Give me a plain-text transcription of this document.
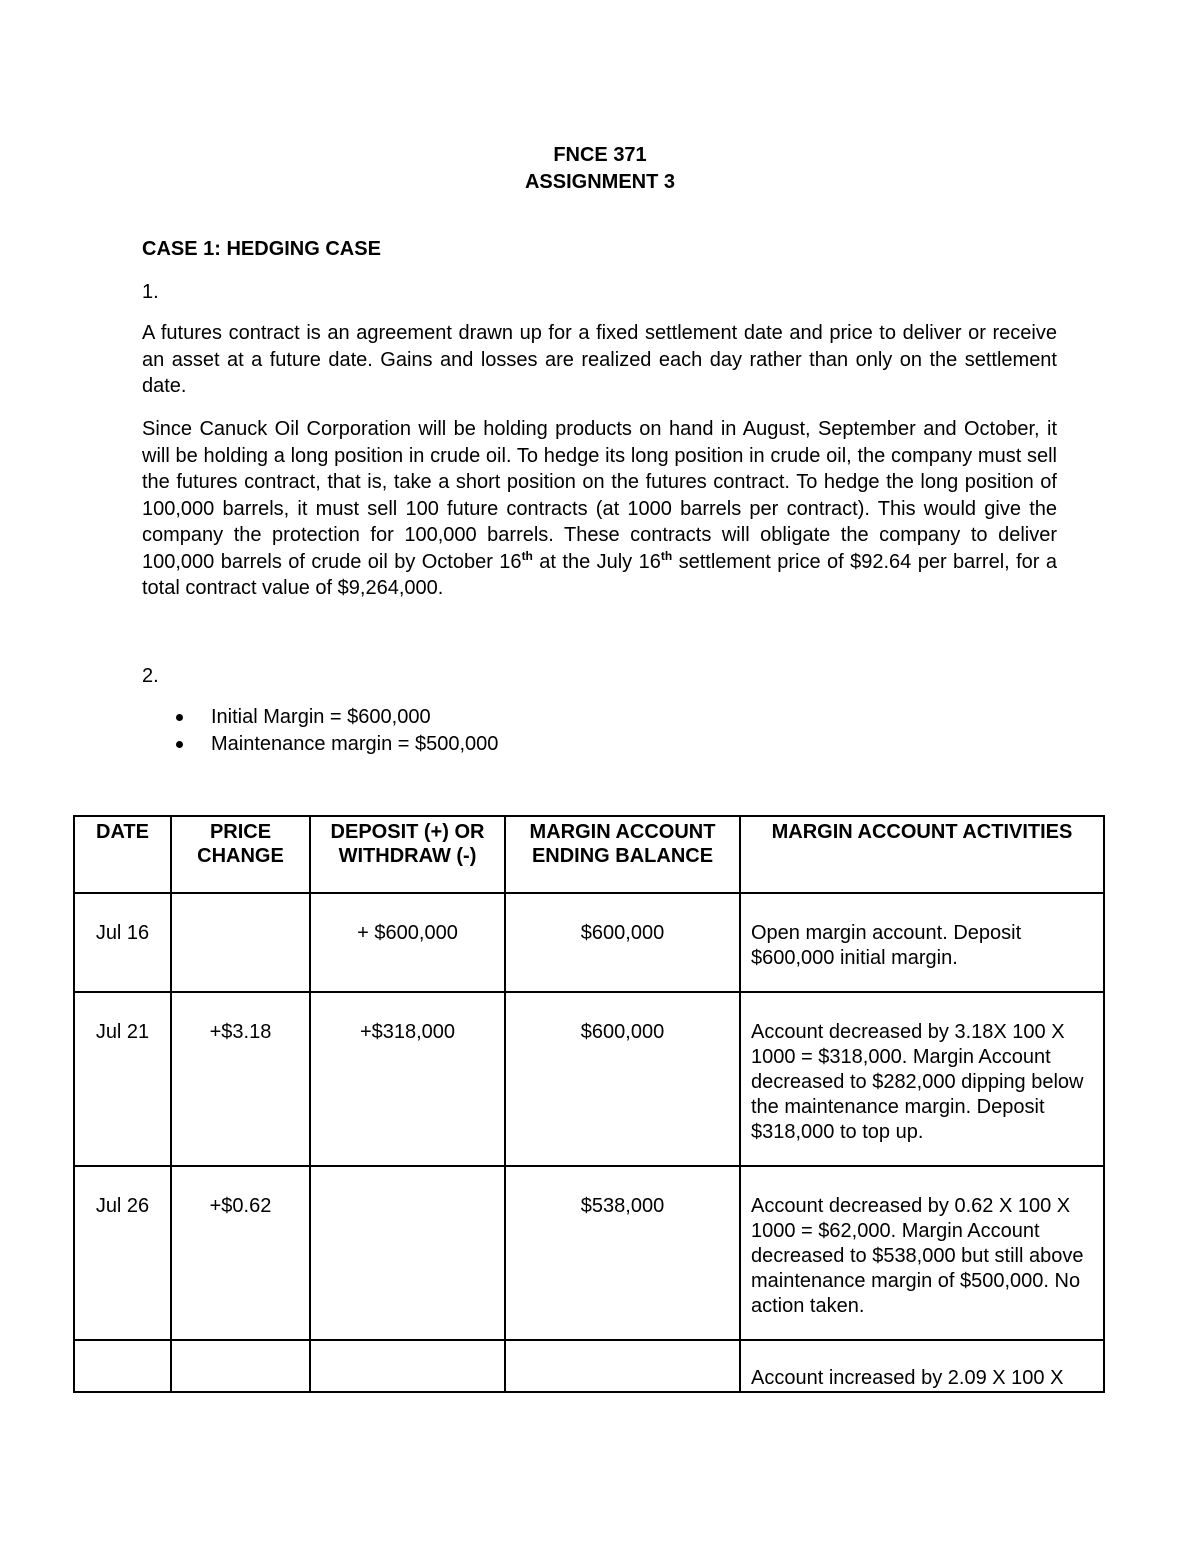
FNCE 371
ASSIGNMENT 3
CASE 1: HEDGING CASE
1.
A futures contract is an agreement drawn up for a fixed settlement date and price to deliver or receive an asset at a future date. Gains and losses are realized each day rather than only on the settlement date.
Since Canuck Oil Corporation will be holding products on hand in August, September and October, it will be holding a long position in crude oil. To hedge its long position in crude oil, the company must sell the futures contract, that is, take a short position on the futures contract. To hedge the long position of 100,000 barrels, it must sell 100 future contracts (at 1000 barrels per contract). This would give the company the protection for 100,000 barrels. These contracts will obligate the company to deliver 100,000 barrels of crude oil by October 16th at the July 16th settlement price of $92.64 per barrel, for a total contract value of $9,264,000.
2.
Initial Margin = $600,000
Maintenance margin = $500,000
DATE	PRICE CHANGE	DEPOSIT (+) OR WITHDRAW (-)	MARGIN ACCOUNT ENDING BALANCE	MARGIN ACCOUNT ACTIVITIES

Jul 16		+ $600,000	$600,000	Open margin account. Deposit $600,000 initial margin.

Jul 21	+$3.18	+$318,000	$600,000	Account decreased by 3.18X 100 X 1000 = $318,000. Margin Account decreased to $282,000 dipping below the maintenance margin. Deposit $318,000 to top up.

Jul 26	+$0.62		$538,000	Account decreased by 0.62 X 100 X 1000 = $62,000. Margin Account decreased to $538,000 but still above maintenance margin of $500,000. No action taken.

				Account increased by 2.09 X 100 X
